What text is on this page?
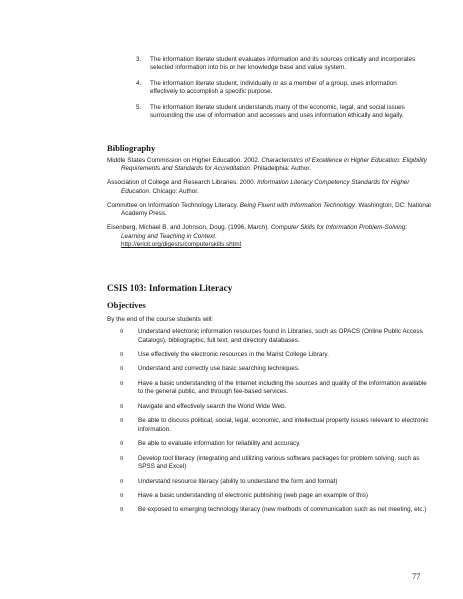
3. The information literate student evaluates information and its sources critically and incorporates selected information into his or her knowledge base and value system.
4. The information literate student, individually or as a member of a group, uses information effectively to accomplish a specific purpose.
5. The information literate student understands many of the economic, legal, and social issues surrounding the use of information and accesses and uses information ethically and legally.
Bibliography
Middle States Commission on Higher Education. 2002. Characteristics of Excellence in Higher Education: Eligibility Requirements and Standards for Accreditation. Philadelphia: Author.
Association of College and Research Libraries. 2000. Information Literacy Competency Standards for Higher Education. Chicago: Author.
Committee on Information Technology Literacy. Being Fluent with Information Technology. Washington, DC: National Academy Press.
Eisenberg, Michael B. and Johnson, Doug. (1996, March). Computer Skills for Information Problem-Solving: Learning and Teaching in Context.
http://ericit.org/digests/computerskills.shtml
CSIS 103: Information Literacy
Objectives
By the end of the course students will:
¤ Understand electronic information resources found in Libraries, such as OPACS (Online Public Access Catalogs), bibliographic, full text, and directory databases.
¤ Use effectively the electronic resources in the Marist College Library.
¤ Understand and correctly use basic searching techniques.
¤ Have a basic understanding of the Internet including the sources and quality of the information available to the general public, and through fee-based services.
¤ Navigate and effectively search the World Wide Web.
¤ Be able to discuss political, social, legal, economic, and intellectual property issues relevant to electronic information.
¤ Be able to evaluate information for reliability and accuracy.
¤ Develop tool literacy (integrating and utilizing various software packages for problem solving, such as SPSS and Excel)
¤ Understand resource literacy (ability to understand the form and format)
¤ Have a basic understanding of electronic publishing (web page an example of this)
¤ Be exposed to emerging technology literacy (new methods of communication such as net meeting, etc.)
77
